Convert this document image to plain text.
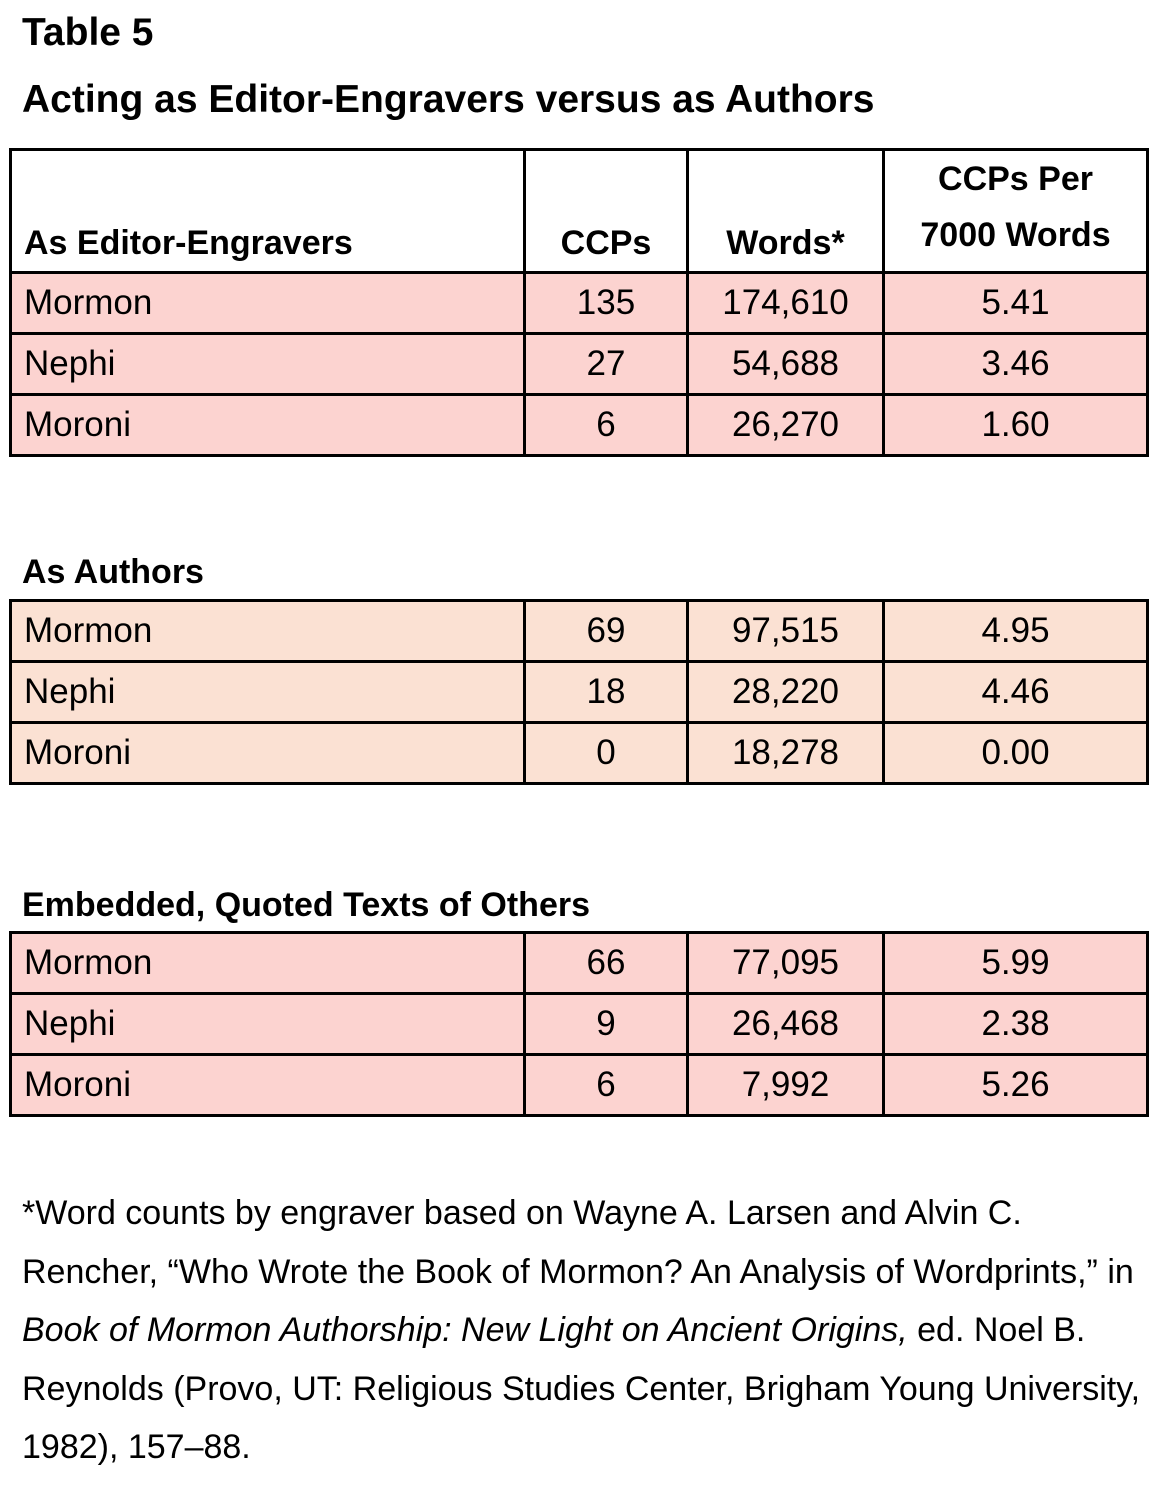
Table 5
Acting as Editor-Engravers versus as Authors
As Editor-Engravers	CCPs	Words*	CCPs Per
7000 Words

Mormon	135	174,610	5.41
Nephi	27	54,688	3.46
Moroni	6	26,270	1.60
As Authors
Mormon	69	97,515	4.95
Nephi	18	28,220	4.46
Moroni	0	18,278	0.00
Embedded, Quoted Texts of Others
Mormon	66	77,095	5.99
Nephi	9	26,468	2.38
Moroni	6	7,992	5.26
*Word counts by engraver based on Wayne A. Larsen and Alvin C. Rencher, “Who Wrote the Book of Mormon? An Analysis of Wordprints,” in Book of Mormon Authorship: New Light on Ancient Origins, ed. Noel B. Reynolds (Provo, UT: Religious Studies Center, Brigham Young University, 1982), 157–88.
